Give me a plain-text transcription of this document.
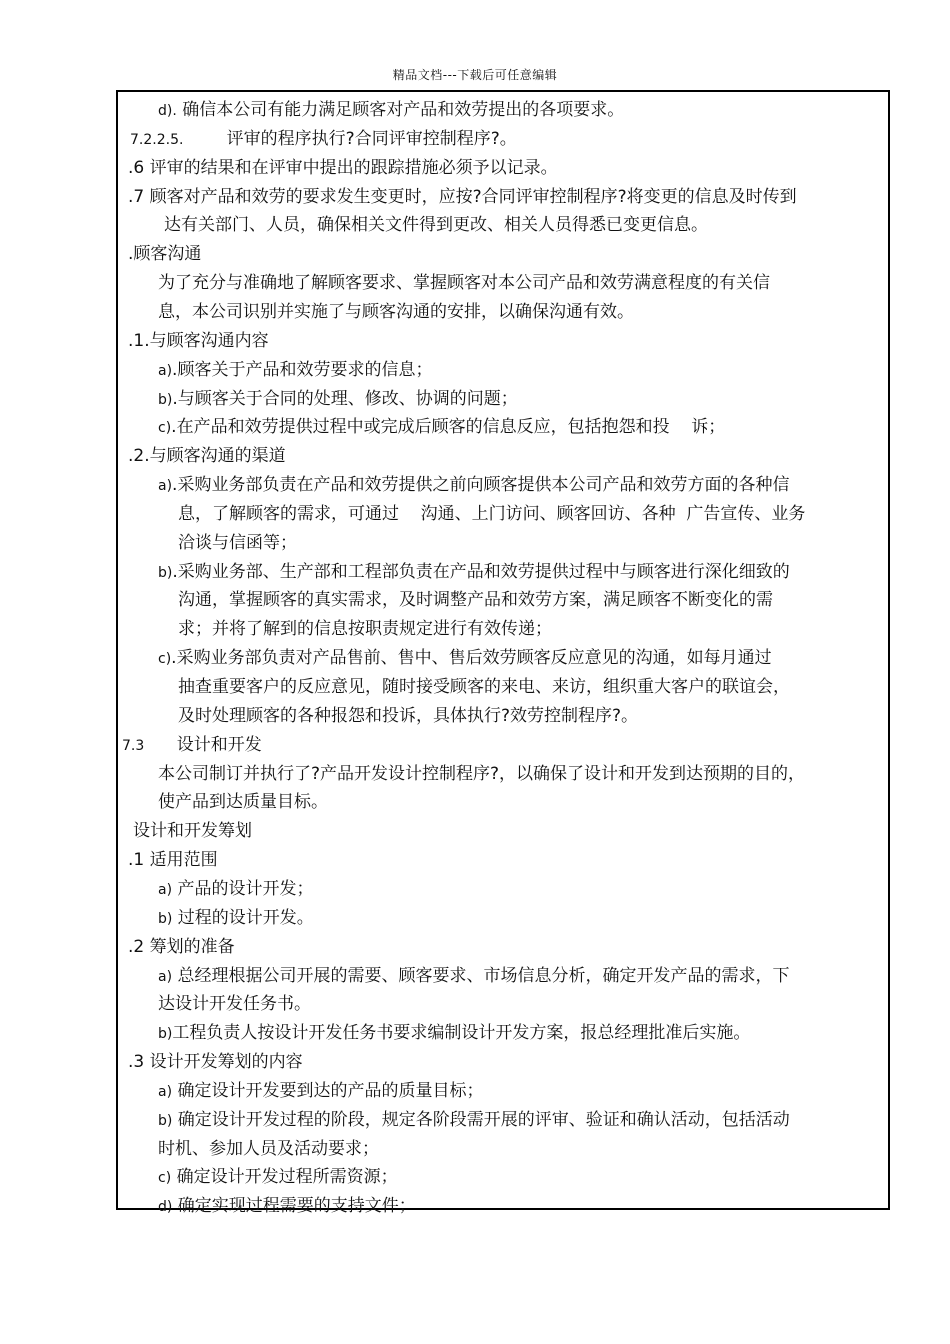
精品文档---下载后可任意编辑
d). 确信本公司有能力满足顾客对产品和效劳提出的各项要求。
7.2.2.5.        评审的程序执行?合同评审控制程序?。
.6 评审的结果和在评审中提出的跟踪措施必须予以记录。
.7 顾客对产品和效劳的要求发生变更时，应按?合同评审控制程序?将变更的信息及时传到
达有关部门、人员，确保相关文件得到更改、相关人员得悉已变更信息。
.顾客沟通
为了充分与准确地了解顾客要求、掌握顾客对本公司产品和效劳满意程度的有关信
息，本公司识别并实施了与顾客沟通的安排，以确保沟通有效。
.1.与顾客沟通内容
a).顾客关于产品和效劳要求的信息；
b).与顾客关于合同的处理、修改、协调的问题；
c).在产品和效劳提供过程中或完成后顾客的信息反应，包括抱怨和投    诉；
.2.与顾客沟通的渠道
a).采购业务部负责在产品和效劳提供之前向顾客提供本公司产品和效劳方面的各种信
息，了解顾客的需求，可通过    沟通、上门访问、顾客回访、各种  广告宣传、业务
洽谈与信函等；
b).采购业务部、生产部和工程部负责在产品和效劳提供过程中与顾客进行深化细致的
沟通，掌握顾客的真实需求，及时调整产品和效劳方案，满足顾客不断变化的需
求；并将了解到的信息按职责规定进行有效传递；
c).采购业务部负责对产品售前、售中、售后效劳顾客反应意见的沟通，如每月通过
抽查重要客户的反应意见，随时接受顾客的来电、来访，组织重大客户的联谊会，
及时处理顾客的各种报怨和投诉，具体执行?效劳控制程序?。
7.3      设计和开发
本公司制订并执行了?产品开发设计控制程序?，以确保了设计和开发到达预期的目的，
使产品到达质量目标。
设计和开发筹划
.1 适用范围
a) 产品的设计开发；
b) 过程的设计开发。
.2 筹划的准备
a) 总经理根据公司开展的需要、顾客要求、市场信息分析，确定开发产品的需求，下
达设计开发任务书。
b)工程负责人按设计开发任务书要求编制设计开发方案，报总经理批准后实施。
.3 设计开发筹划的内容
a) 确定设计开发要到达的产品的质量目标；
b) 确定设计开发过程的阶段，规定各阶段需开展的评审、验证和确认活动，包括活动
时机、参加人员及活动要求；
c) 确定设计开发过程所需资源；
d) 确定实现过程需要的支持文件；
